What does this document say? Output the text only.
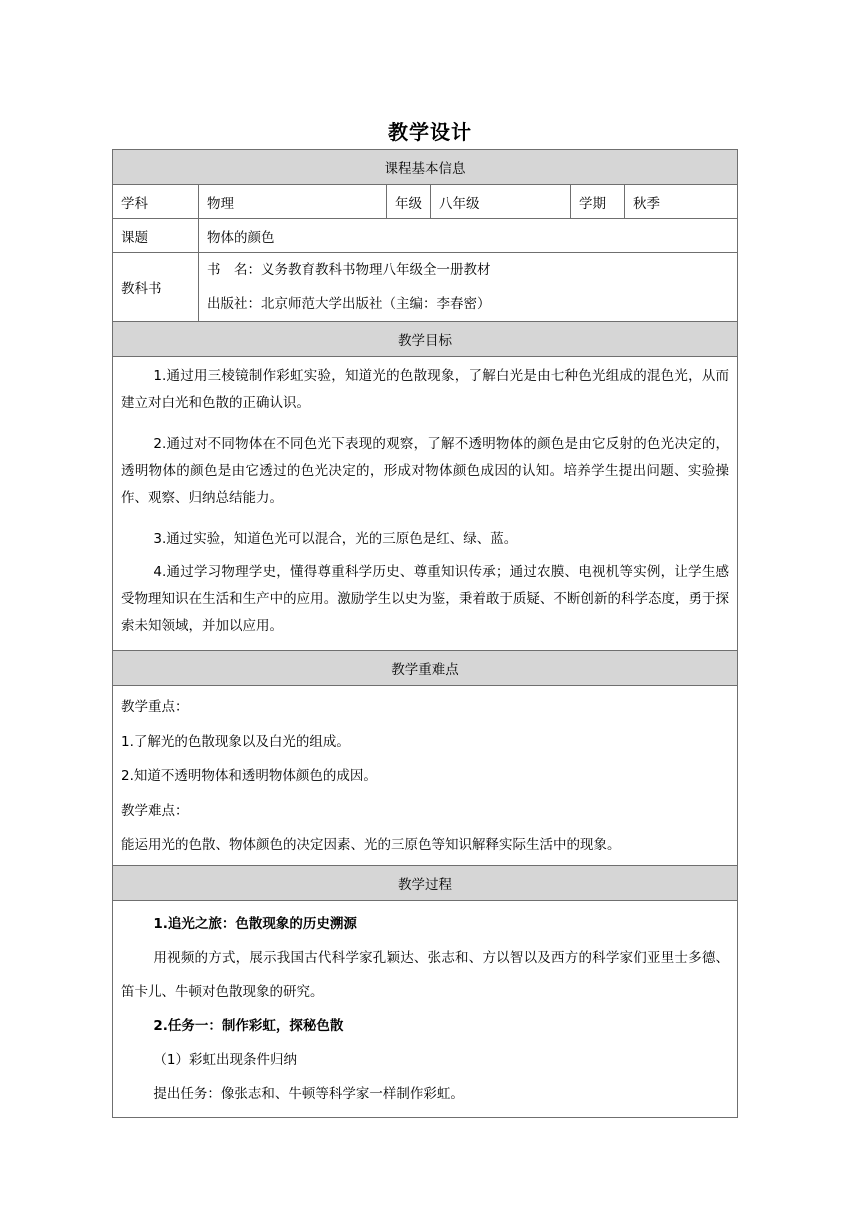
教学设计
课程基本信息					
学科	物理	年级	八年级	学期	秋季
课题	物体的颜色				
教科书	书　名：义务教育教科书物理八年级全一册教材

出版社：北京师范大学出版社（主编：李春密）				

教学目标					

1.通过用三棱镜制作彩虹实验，知道光的色散现象，了解白光是由七种色光组成的混色光，从而建立对白光和色散的正确认识。

2.通过对不同物体在不同色光下表现的观察，了解不透明物体的颜色是由它反射的色光决定的，透明物体的颜色是由它透过的色光决定的，形成对物体颜色成因的认知。培养学生提出问题、实验操作、观察、归纳总结能力。

3.通过实验，知道色光可以混合，光的三原色是红、绿、蓝。

4.通过学习物理学史，懂得尊重科学历史、尊重知识传承；通过农膜、电视机等实例，让学生感受物理知识在生活和生产中的应用。激励学生以史为鉴，秉着敢于质疑、不断创新的科学态度，勇于探索未知领域，并加以应用。					

教学重难点					

教学重点：

1.了解光的色散现象以及白光的组成。

2.知道不透明物体和透明物体颜色的成因。

教学难点：

能运用光的色散、物体颜色的决定因素、光的三原色等知识解释实际生活中的现象。					

教学过程					

1.追光之旅：色散现象的历史溯源

用视频的方式，展示我国古代科学家孔颖达、张志和、方以智以及西方的科学家们亚里士多德、笛卡儿、牛顿对色散现象的研究。

2.任务一：制作彩虹，探秘色散

（1）彩虹出现条件归纳

提出任务：像张志和、牛顿等科学家一样制作彩虹。					
